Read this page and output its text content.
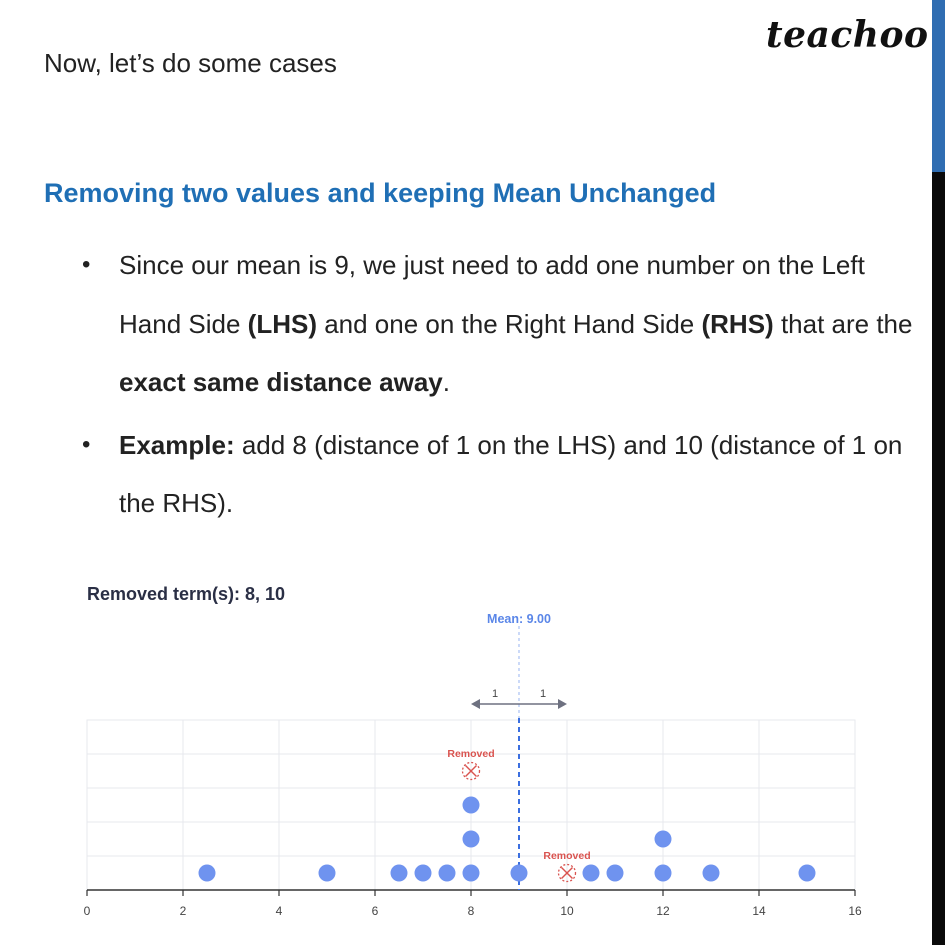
teachoo
Now, let’s do some cases
Removing two values and keeping Mean Unchanged
• Since our mean is 9, we just need to add one number on the Left Hand Side (LHS) and one on the Right Hand Side (RHS) that are the exact same distance away.
• Example: add 8 (distance of 1 on the LHS) and 10 (distance of 1 on the RHS).
Removed term(s): 8, 10
0	2	4	6	8	10	12	14	16
Mean: 9.00
1	1
Removed
Removed
